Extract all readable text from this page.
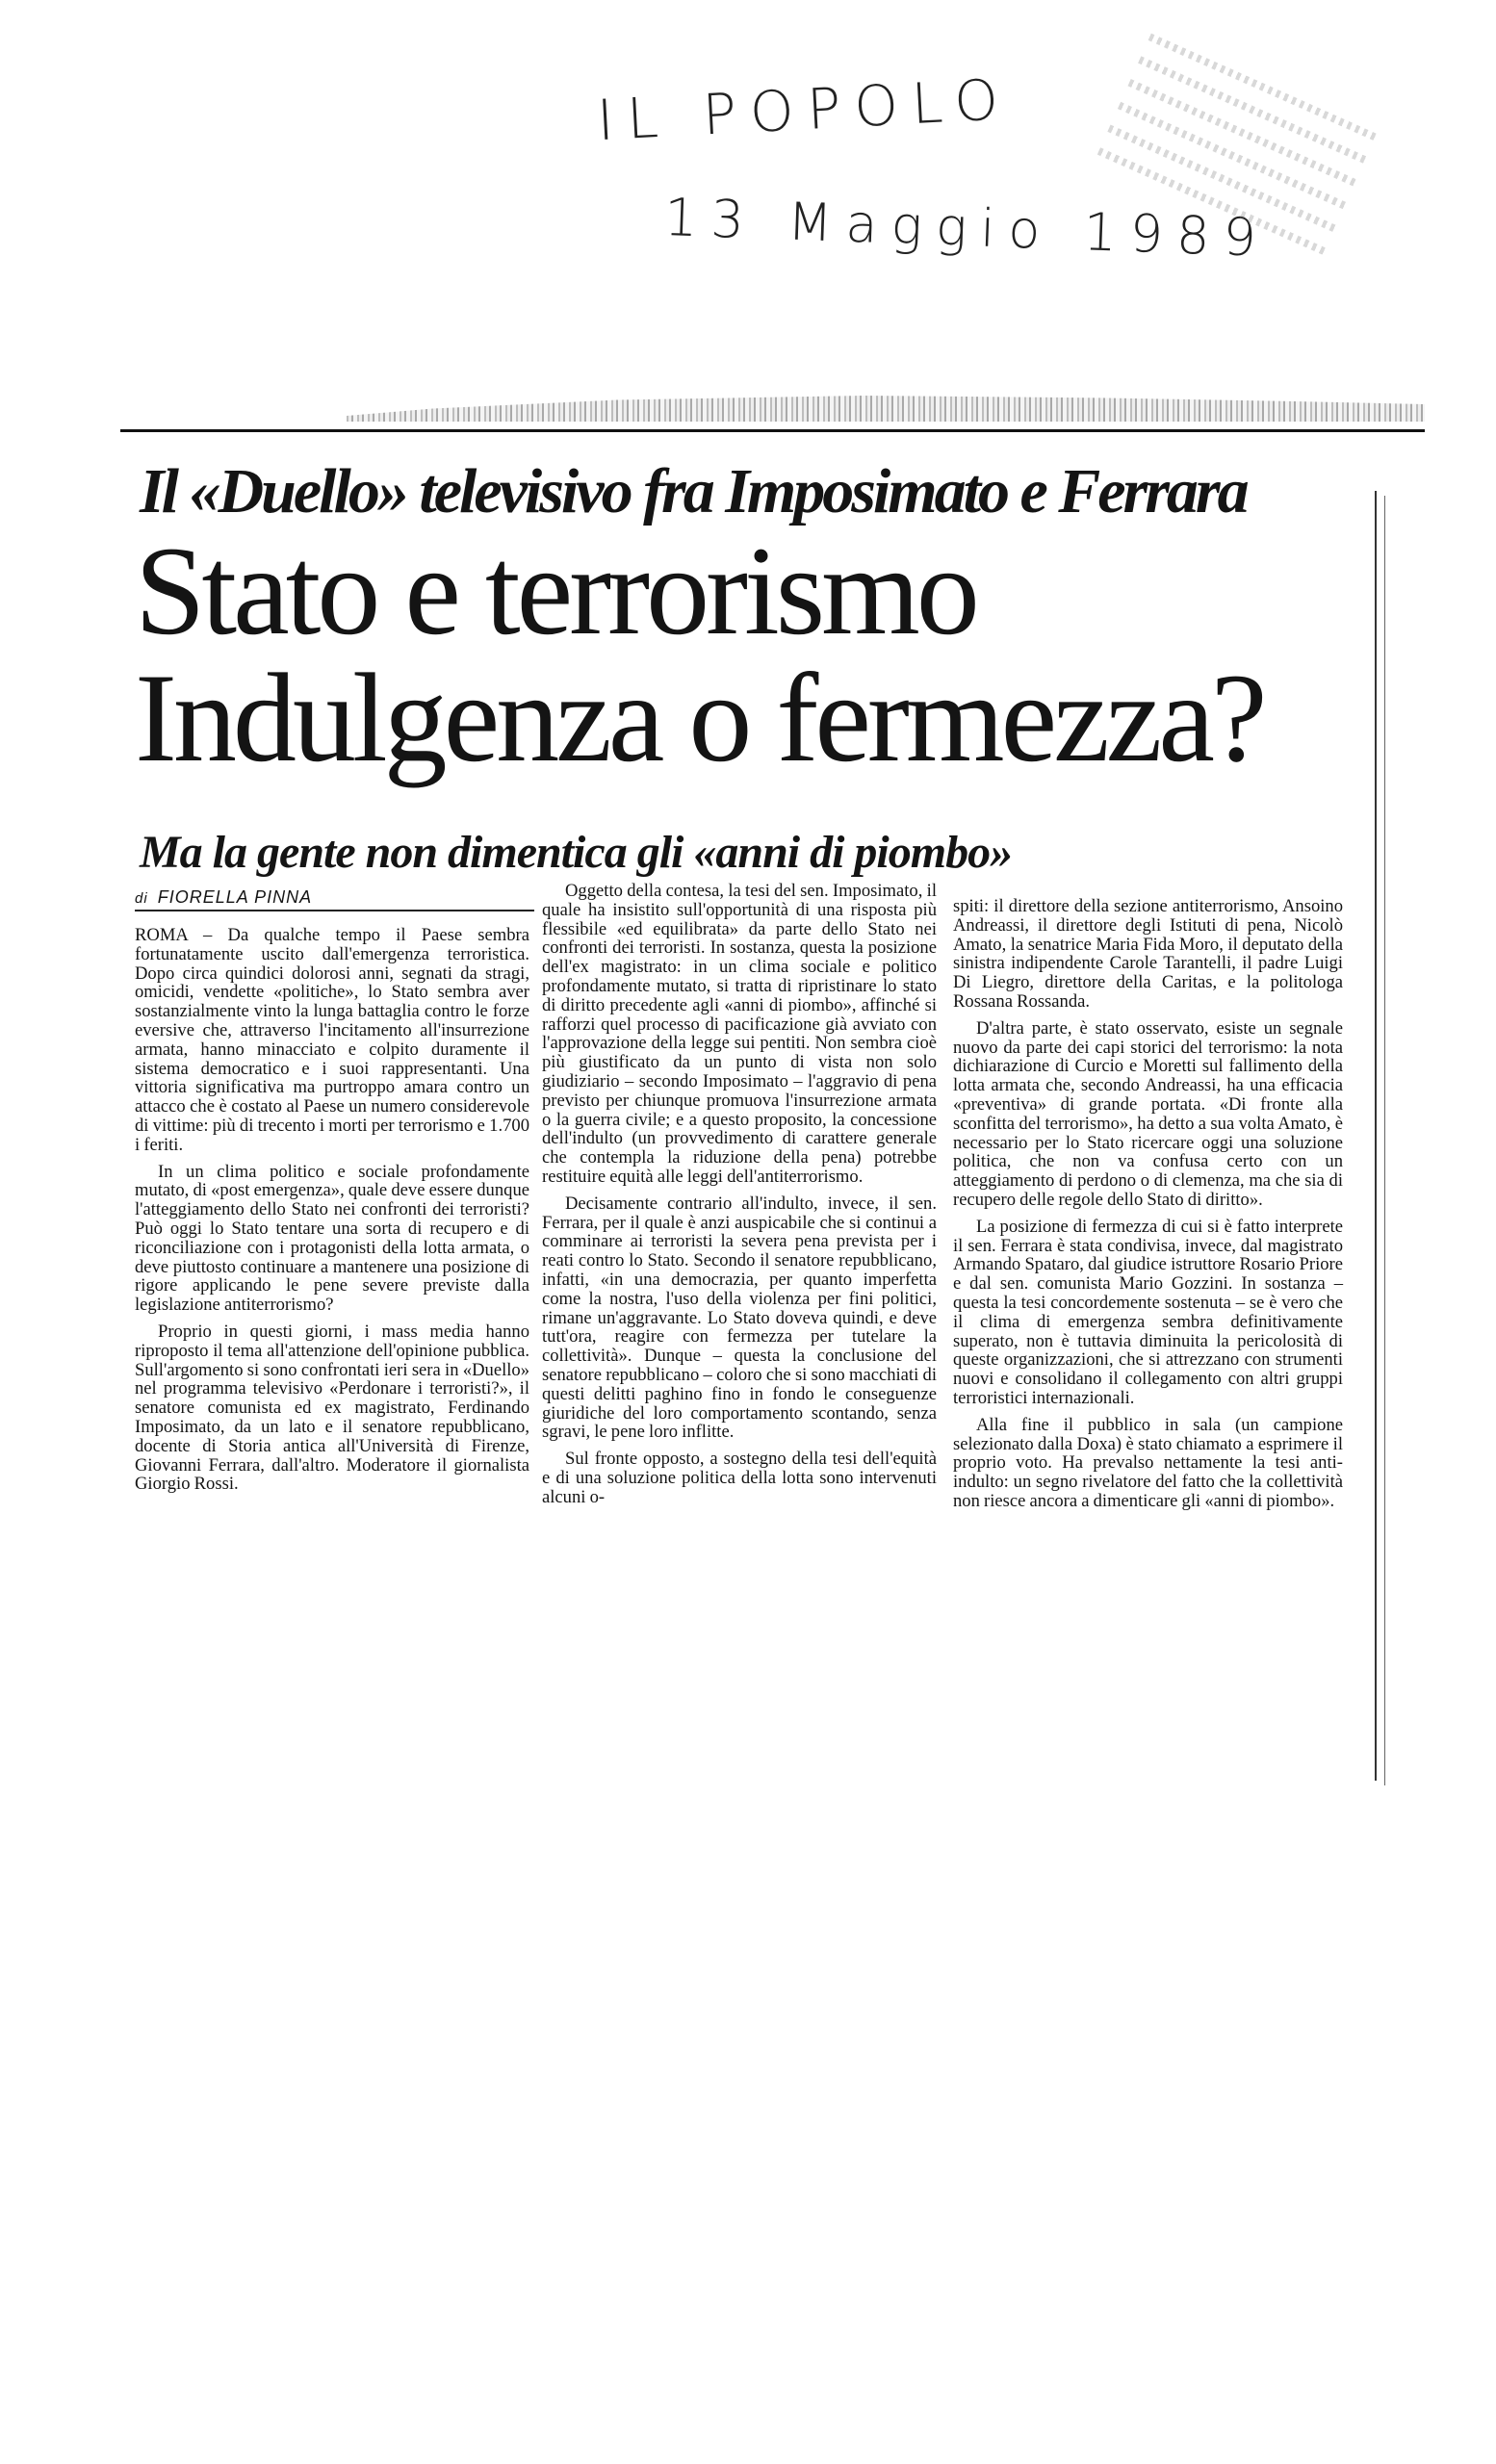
IL POPOLO
13 Maggio 1989
Il «Duello» televisivo fra Imposimato e Ferrara
Stato e terrorismo
Indulgenza o fermezza?
Ma la gente non dimentica gli «anni di piombo»
di FIORELLA PINNA

ROMA – Da qualche tempo il Paese sembra fortunatamente uscito dall'emergenza terroristica. Dopo circa quindici dolorosi anni, segnati da stragi, omicidi, vendette «politiche», lo Stato sembra aver sostanzialmente vinto la lunga battaglia contro le forze eversive che, attraverso l'incitamento all'insurrezione armata, hanno minacciato e colpito duramente il sistema democratico e i suoi rappresentanti. Una vittoria significativa ma purtroppo amara contro un attacco che è costato al Paese un numero considerevole di vittime: più di trecento i morti per terrorismo e 1.700 i feriti.

In un clima politico e sociale profondamente mutato, di «post emergenza», quale deve essere dunque l'atteggiamento dello Stato nei confronti dei terroristi? Può oggi lo Stato tentare una sorta di recupero e di riconciliazione con i protagonisti della lotta armata, o deve piuttosto continuare a mantenere una posizione di rigore applicando le pene severe previste dalla legislazione antiterrorismo?

Proprio in questi giorni, i mass media hanno riproposto il tema all'attenzione dell'opinione pubblica. Sull'argomento si sono confrontati ieri sera in «Duello» nel programma televisivo «Perdonare i terroristi?», il senatore comunista ed ex magistrato, Ferdinando Imposimato, da un lato e il senatore repubblicano, docente di Storia antica all'Università di Firenze, Giovanni Ferrara, dall'altro. Moderatore il giornalista Giorgio Rossi.

Oggetto della contesa, la tesi del sen. Imposimato, il quale ha insistito sull'opportunità di una risposta più flessibile «ed equilibrata» da parte dello Stato nei confronti dei terroristi. In sostanza, questa la posizione dell'ex magistrato: in un clima sociale e politico profondamente mutato, si tratta di ripristinare lo stato di diritto precedente agli «anni di piombo», affinché si rafforzi quel processo di pacificazione già avviato con l'approvazione della legge sui pentiti. Non sembra cioè più giustificato da un punto di vista non solo giudiziario – secondo Imposimato – l'aggravio di pena previsto per chiunque promuova l'insurrezione armata o la guerra civile; e a questo proposito, la concessione dell'indulto (un provvedimento di carattere generale che contempla la riduzione della pena) potrebbe restituire equità alle leggi dell'antiterrorismo.

Decisamente contrario all'indulto, invece, il sen. Ferrara, per il quale è anzi auspicabile che si continui a comminare ai terroristi la severa pena prevista per i reati contro lo Stato. Secondo il senatore repubblicano, infatti, «in una democrazia, per quanto imperfetta come la nostra, l'uso della violenza per fini politici, rimane un'aggravante. Lo Stato doveva quindi, e deve tutt'ora, reagire con fermezza per tutelare la collettività». Dunque – questa la conclusione del senatore repubblicano – coloro che si sono macchiati di questi delitti paghino fino in fondo le conseguenze giuridiche del loro comportamento scontando, senza sgravi, le pene loro inflitte.

Sul fronte opposto, a sostegno della tesi dell'equità e di una soluzione politica della lotta sono intervenuti alcuni o-

spiti: il direttore della sezione antiterrorismo, Ansoino Andreassi, il direttore degli Istituti di pena, Nicolò Amato, la senatrice Maria Fida Moro, il deputato della sinistra indipendente Carole Tarantelli, il padre Luigi Di Liegro, direttore della Caritas, e la politologa Rossana Rossanda.

D'altra parte, è stato osservato, esiste un segnale nuovo da parte dei capi storici del terrorismo: la nota dichiarazione di Curcio e Moretti sul fallimento della lotta armata che, secondo Andreassi, ha una efficacia «preventiva» di grande portata. «Di fronte alla sconfitta del terrorismo», ha detto a sua volta Amato, è necessario per lo Stato ricercare oggi una soluzione politica, che non va confusa certo con un atteggiamento di perdono o di clemenza, ma che sia di recupero delle regole dello Stato di diritto».

La posizione di fermezza di cui si è fatto interprete il sen. Ferrara è stata condivisa, invece, dal magistrato Armando Spataro, dal giudice istruttore Rosario Priore e dal sen. comunista Mario Gozzini. In sostanza – questa la tesi concordemente sostenuta – se è vero che il clima di emergenza sembra definitivamente superato, non è tuttavia diminuita la pericolosità di queste organizzazioni, che si attrezzano con strumenti nuovi e consolidano il collegamento con altri gruppi terroristici internazionali.

Alla fine il pubblico in sala (un campione selezionato dalla Doxa) è stato chiamato a esprimere il proprio voto. Ha prevalso nettamente la tesi anti-indulto: un segno rivelatore del fatto che la collettività non riesce ancora a dimenticare gli «anni di piombo».
